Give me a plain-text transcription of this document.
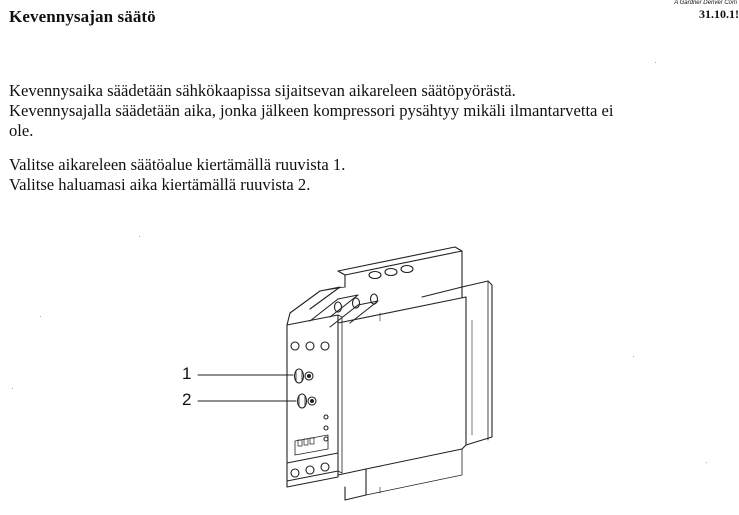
Kevennysajan säätö
A Gardner Denver Com
31.10.1!

Kevennysaika säädetään sähkökaapissa sijaitsevan aikareleen säätöpyörästä.
Kevennysajalla säädetään aika, jonka jälkeen kompressori pysähtyy mikäli ilmantarvetta ei
ole.

Valitse aikareleen säätöalue kiertämällä ruuvista 1.
Valitse haluamasi aika kiertämällä ruuvista 2.

1
2
